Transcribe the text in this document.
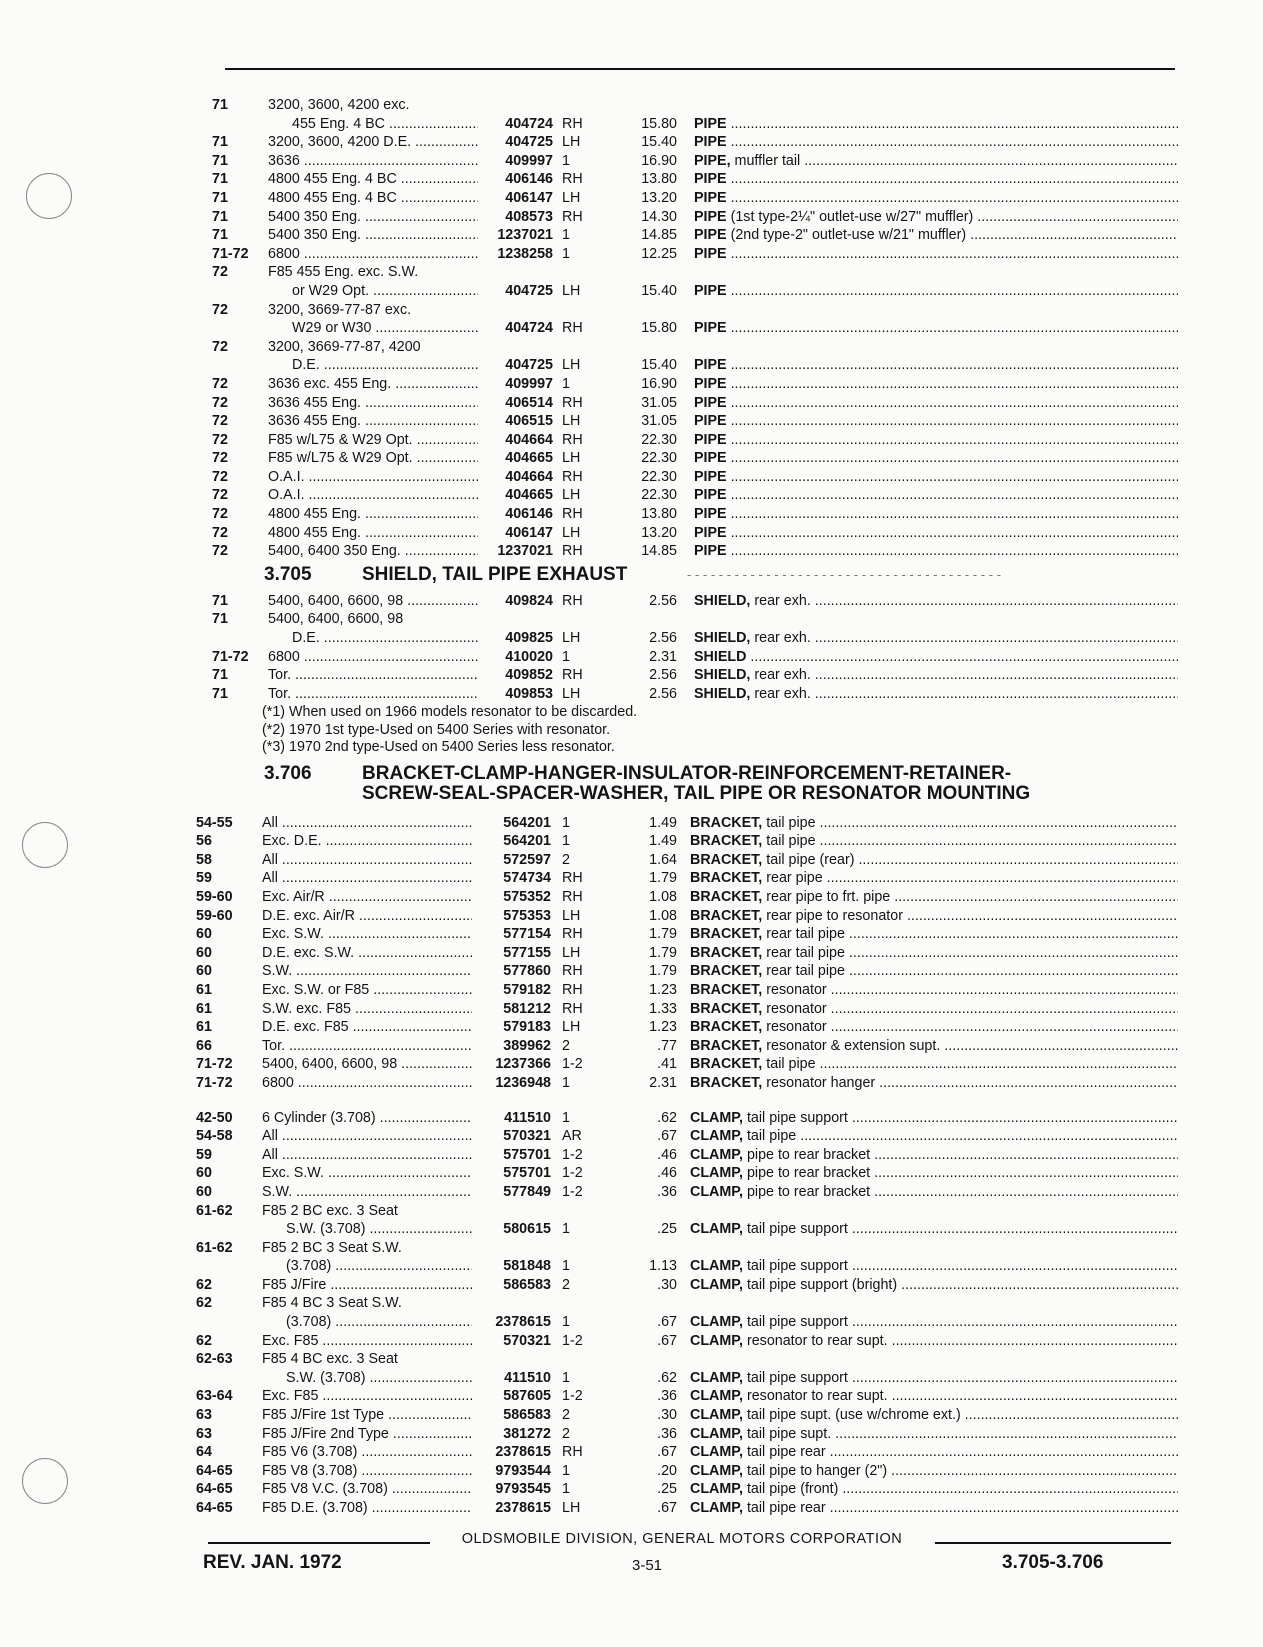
71	3200, 3600, 4200 exc.
455 Eng. 4 BC .....	404724 RH	15.80 PIPE .....
71	3200, 3600, 4200 D.E. .....	404725 LH	15.40 PIPE .....
71	3636 .....	409997 1	16.90 PIPE, muffler tail .....
71	4800 455 Eng. 4 BC .....	406146 RH	13.80 PIPE .....
71	4800 455 Eng. 4 BC .....	406147 LH	13.20 PIPE .....
71	5400 350 Eng. .....	408573 RH	14.30 PIPE (1st type-2¼" outlet-use w/27" muffler) .....
71	5400 350 Eng. .....	1237021 1	14.85 PIPE (2nd type-2" outlet-use w/21" muffler) .....
71-72 6800 .....	1238258 1	12.25 PIPE .....
72	F85 455 Eng. exc. S.W.
or W29 Opt. .....	404725 LH	15.40 PIPE .....
72	3200, 3669-77-87 exc.
W29 or W30 .....	404724 RH	15.80 PIPE .....
72	3200, 3669-77-87, 4200
D.E. .....	404725 LH	15.40 PIPE .....
72	3636 exc. 455 Eng. .....	409997 1	16.90 PIPE .....
72	3636 455 Eng. .....	406514 RH	31.05 PIPE .....
72	3636 455 Eng. .....	406515 LH	31.05 PIPE .....
72	F85 w/L75 & W29 Opt. .....	404664 RH	22.30 PIPE .....
72	F85 w/L75 & W29 Opt. .....	404665 LH	22.30 PIPE .....
72	O.A.I. .....	404664 RH	22.30 PIPE .....
72	O.A.I. .....	404665 LH	22.30 PIPE .....
72	4800 455 Eng. .....	406146 RH	13.80 PIPE .....
72	4800 455 Eng. .....	406147 LH	13.20 PIPE .....
72	5400, 6400 350 Eng. .....	1237021 RH	14.85 PIPE .....
3.705	SHIELD, TAIL PIPE EXHAUST	- - - - - - - - - - - - - - - - - - - - - - - - - - - - - - - - - - - - - - - -
71	5400, 6400, 6600, 98 .....	409824 RH	2.56 SHIELD, rear exh. .....
71	5400, 6400, 6600, 98
D.E. .....	409825 LH	2.56 SHIELD, rear exh. .....
71-72 6800 .....	410020 1	2.31 SHIELD .....
71	Tor. .....	409852 RH	2.56 SHIELD, rear exh. .....
71	Tor. .....	409853 LH	2.56 SHIELD, rear exh. .....
(*1) When used on 1966 models resonator to be discarded.
(*2) 1970 1st type-Used on 5400 Series with resonator.
(*3) 1970 2nd type-Used on 5400 Series less resonator.
3.706	BRACKET-CLAMP-HANGER-INSULATOR-REINFORCEMENT-RETAINER-
SCREW-SEAL-SPACER-WASHER, TAIL PIPE OR RESONATOR MOUNTING
54-55 All .....	564201 1	1.49 BRACKET, tail pipe .....
56	Exc. D.E. .....	564201 1	1.49 BRACKET, tail pipe .....
58	All .....	572597 2	1.64 BRACKET, tail pipe (rear) .....
59	All .....	574734 RH	1.79 BRACKET, rear pipe .....
59-60 Exc. Air/R .....	575352 RH	1.08 BRACKET, rear pipe to frt. pipe .....
59-60 D.E. exc. Air/R .....	575353 LH	1.08 BRACKET, rear pipe to resonator .....
60	Exc. S.W. .....	577154 RH	1.79 BRACKET, rear tail pipe .....
60	D.E. exc. S.W. .....	577155 LH	1.79 BRACKET, rear tail pipe .....
60	S.W. .....	577860 RH	1.79 BRACKET, rear tail pipe .....
61	Exc. S.W. or F85 .....	579182 RH	1.23 BRACKET, resonator .....
61	S.W. exc. F85 .....	581212 RH	1.33 BRACKET, resonator .....
61	D.E. exc. F85 .....	579183 LH	1.23 BRACKET, resonator .....
66	Tor. .....	389962 2	.77 BRACKET, resonator & extension supt. .....
71-72 5400, 6400, 6600, 98 .....	1237366 1-2	.41 BRACKET, tail pipe .....
71-72 6800 .....	1236948 1	2.31 BRACKET, resonator hanger .....
42-50 6 Cylinder (3.708) .....	411510 1	.62 CLAMP, tail pipe support .....
54-58 All .....	570321 AR	.67 CLAMP, tail pipe .....
59	All .....	575701 1-2	.46 CLAMP, pipe to rear bracket .....
60	Exc. S.W. .....	575701 1-2	.46 CLAMP, pipe to rear bracket .....
60	S.W. .....	577849 1-2	.36 CLAMP, pipe to rear bracket .....
61-62 F85 2 BC exc. 3 Seat
S.W. (3.708) .....	580615 1	.25 CLAMP, tail pipe support .....
61-62 F85 2 BC 3 Seat S.W.
(3.708) .....	581848 1	1.13 CLAMP, tail pipe support .....
62	F85 J/Fire .....	586583 2	.30 CLAMP, tail pipe support (bright) .....
62	F85 4 BC 3 Seat S.W.
(3.708) .....	2378615 1	.67 CLAMP, tail pipe support .....
62	Exc. F85 .....	570321 1-2	.67 CLAMP, resonator to rear supt. .....
62-63 F85 4 BC exc. 3 Seat
S.W. (3.708) .....	411510 1	.62 CLAMP, tail pipe support .....
63-64 Exc. F85 .....	587605 1-2	.36 CLAMP, resonator to rear supt. .....
63	F85 J/Fire 1st Type .....	586583 2	.30 CLAMP, tail pipe supt. (use w/chrome ext.) .....
63	F85 J/Fire 2nd Type .....	381272 2	.36 CLAMP, tail pipe supt. .....
64	F85 V6 (3.708) .....	2378615 RH	.67 CLAMP, tail pipe rear .....
64-65 F85 V8 (3.708) .....	9793544 1	.20 CLAMP, tail pipe to hanger (2") .....
64-65 F85 V8 V.C. (3.708) .....	9793545 1	.25 CLAMP, tail pipe (front) .....
64-65 F85 D.E. (3.708) .....	2378615 LH	.67 CLAMP, tail pipe rear .....
OLDSMOBILE DIVISION, GENERAL MOTORS CORPORATION
REV. JAN. 1972	3-51	3.705-3.706
